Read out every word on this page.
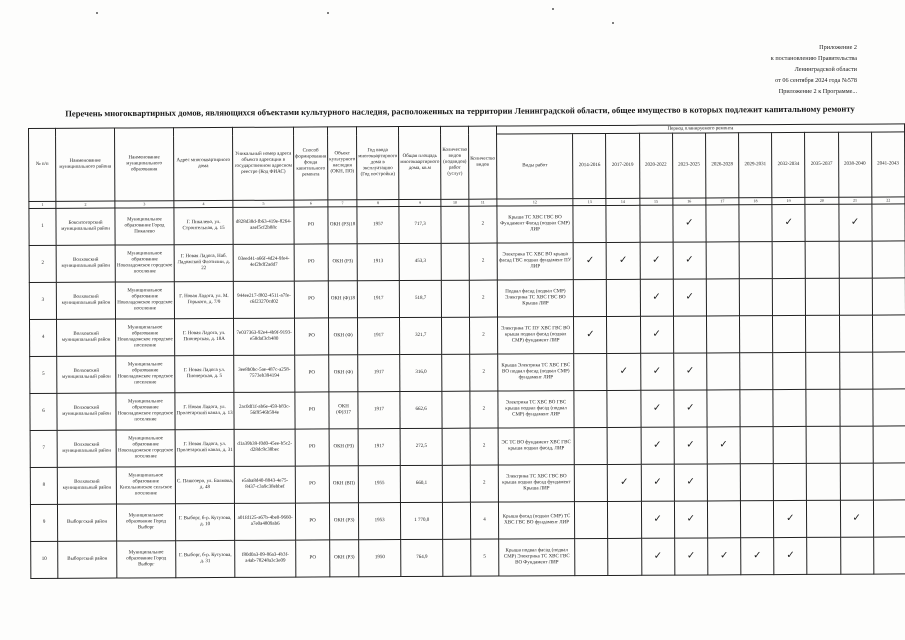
Приложение 2
к постановлению Правительства
Ленинградской области
от 06 сентября 2024 года №578
Приложение 2 к Программе...
Перечень многоквартирных домов, являющихся объектами культурного наследия, расположенных на территории Ленинградской области, общее имущество в которых подлежит капитальному ремонту
№ п/п	Наименование муниципального района	Наименование муниципального образования	Адрес многоквартирного дома	Уникальный номер адреса объекта адресации в государственном адресном реестре (Код ФИАС)	Способ формирования фонда капитального ремонта	Объект культурного наследия (ОКН, ПО)	Год ввода многоквартирного дома в эксплуатацию (Год постройки)	Общая площадь многоквартирного дома, кв.м	Количество видов (подвидов) работ (услуг)	Количество видов	Период планируемого ремонта										
											Виды работ	2014-2016	2017-2019	2020-2022	2023-2025	2026-2028	2029-2031	2032-2034	2035-2037	2038-2040	2041-2043
1	2	3	4	5	6	7	8	9	10	11	12	13	14	15	16	17	18	19	20	21	22
1	Бокситогорский муниципальный район	Муниципальное образование Город Пикалево	Г. Пикалево, ул. Строительная, д. 15	d828d38d-fb63-419e-8264-aaef5cf2b88c	РО	ОКН (РЗ)18	1957	717,3		2	Крыша ТС ХВС ГВС ВО Фундамент Фасад (подвал СМР) ЛИР				✓			✓		✓	
2	Волховский муниципальный район	Муниципальное образование Новоладожское городское поселение	Г. Новая Ладога, Наб. Ладожской Флотилии, д. 22	03eed41-a66f-4d24-9fe4-4ef2bdf2add7	РО	ОКН (РЗ)	1913	453,3		2	Электрика ТС ХВС ВО крыша фасад ГВС подвал фундамент ПУ ЛИР	✓	✓	✓	✓						
3	Волховский муниципальный район	Муниципальное образование Новоладожское городское поселение	Г. Новая Ладога, ул. М. Горького, д. 7/9	944ee217-f802-4511-a7fe-c6f23270cd02	РО	ОКН (Ф)18	1917	518,7		2	Подвал фасад (подвал СМР) Электрика ТС ХВС ГВС ВО Крыша ЛИР			✓	✓						
4	Волховский муниципальный район	Муниципальное образование Новоладожское городское поселение	Г. Новая Ладога, ул. Пионерская, д. 18А	7e037363-92e4-4b9f-9193-e58daf3cb480	РО	ОКН (Ф)	1917	321,7		2	Электрика ТС ПУ ХВС ГВС ВО крыша подвал фасад (подвал СМР) фундамент ЛИР	✓		✓							
5	Волховский муниципальный район	Муниципальное образование Новоладожское городское поселение	Г. Новая Ладога ул. Пионерская, д. 5	3ee8b0bc-5ae-487c-a258-7573eb394194	РО	ОКН (Ф)	1917	316,0		2	Крыша Электрика ТС ХВС ГВС ВО подвал фасад (подвал СМР) фундамент ЛИР		✓	✓	✓						
6	Волховский муниципальный район	Муниципальное образование Новоладожское городское поселение	Г. Новая Ладога, ул. Пролетарский канал, д. 13	2ac0df1f-ab6e-459-b83c-56f9546b594e	РО	ОКН (Ф)317	1917	662,6		2	Электрика ТС ХВС ВО ГВС крыша подвал фасад (подвал СМР) фундамент ЛИР			✓	✓						
7	Волховский муниципальный район	Муниципальное образование Новоладожское городское поселение	Г. Новая Ладога, ул. Пролетарский канал, д. 31	d1a39b39-f0d0-45ee-b5c2-d28dc9c38bec	РО	ОКН (РЗ)	1917	272,5		2	ЭС ТС ВО фундамент ХВС ГВС крыша подвал фасад, ЛИР			✓	✓	✓					
8	Волховский муниципальный район	Муниципальное образование Кисельнинское сельское поселение	С. Пашозеро, ул. Балмова, д. 48	e5aba8d40-8843-4e75-8437-c3a9c38ebbef	РО	ОКН (ВП)	1955	660,1		2	Электрика ТС ХВС ГВС ВО крыша подвал фасад фундамент Крыша ЛИР		✓	✓	✓						
9	Выборгский район	Муниципальное образование Город Выборг	Г. Выборг, б-р. Кутузова, д. 10	a01fd125-a67b-4be0-9660-a7e0a4809ab6	РО	ОКН (РЗ)	1953	1 770,0		4	Крыша фасад (подвал СМР) ТС ХВС ГВС ВО фундамент ЛИР			✓	✓			✓		✓	
10	Выборгский район	Муниципальное образование Город Выборг	Г. Выборг, б-р. Кутузова, д. 31	f80d0a3-09-86a3-4b3f-a4ab-78248a3c3e09	РО	ОКН (РЗ)	1950	764,9		5	Крыша подвал фасад (подвал СМР) Электрика ТС ХВС ГВС ВО Фундамент ЛИР			✓	✓	✓	✓	✓			
